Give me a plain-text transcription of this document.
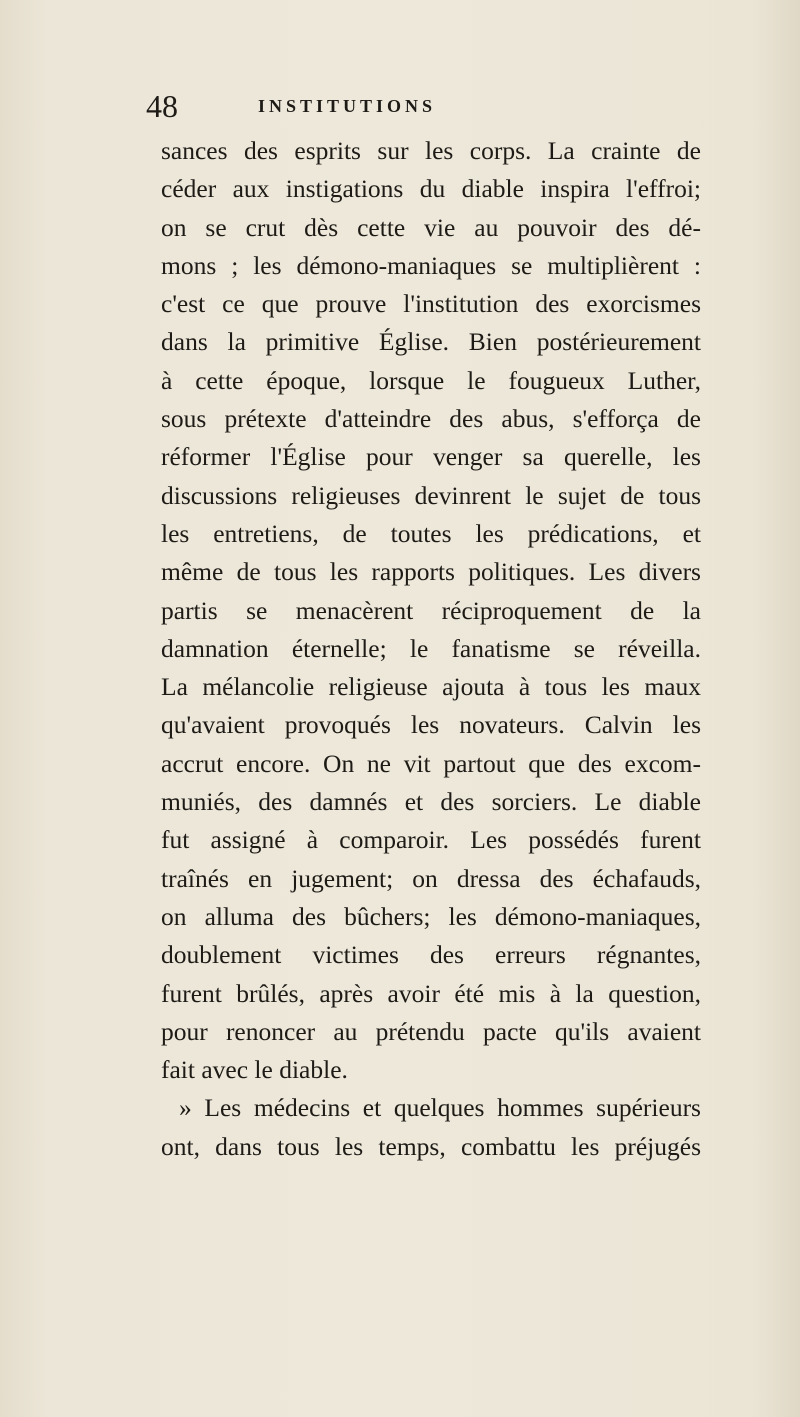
48	INSTITUTIONS
sances des esprits sur les corps. La crainte de
céder aux instigations du diable inspira l'effroi;
on se crut dès cette vie au pouvoir des dé-
mons ; les démono-maniaques se multiplièrent :
c'est ce que prouve l'institution des exorcismes
dans la primitive Église. Bien postérieurement
à cette époque, lorsque le fougueux Luther,
sous prétexte d'atteindre des abus, s'efforça de
réformer l'Église pour venger sa querelle, les
discussions religieuses devinrent le sujet de tous
les entretiens, de toutes les prédications, et
même de tous les rapports politiques. Les divers
partis se menacèrent réciproquement de la
damnation éternelle; le fanatisme se réveilla.
La mélancolie religieuse ajouta à tous les maux
qu'avaient provoqués les novateurs. Calvin les
accrut encore. On ne vit partout que des excom-
muniés, des damnés et des sorciers. Le diable
fut assigné à comparoir. Les possédés furent
traînés en jugement; on dressa des échafauds,
on alluma des bûchers; les démono-maniaques,
doublement victimes des erreurs régnantes,
furent brûlés, après avoir été mis à la question,
pour renoncer au prétendu pacte qu'ils avaient
fait avec le diable.
» Les médecins et quelques hommes supérieurs
ont, dans tous les temps, combattu les préjugés
